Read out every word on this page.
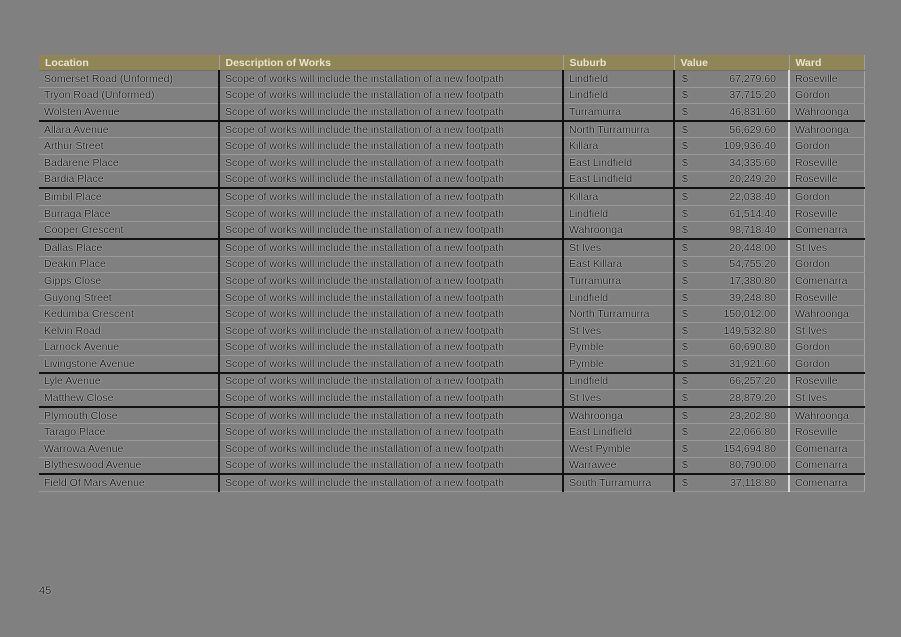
Location	Description of Works	Suburb	Value	Ward
Somerset Road (Unformed)	Scope of works will include the installation of a new footpath	Lindfield	$ 67,279.60	Roseville
Tryon Road (Unformed)	Scope of works will include the installation of a new footpath	Lindfield	$ 37,715.20	Gordon
Wolsten Avenue	Scope of works will include the installation of a new footpath	Turramurra	$ 46,831.60	Wahroonga
Allara Avenue	Scope of works will include the installation of a new footpath	North Turramurra	$ 56,629.60	Wahroonga
Arthur Street	Scope of works will include the installation of a new footpath	Killara	$ 109,936.40	Gordon
Badarene Place	Scope of works will include the installation of a new footpath	East Lindfield	$ 34,335.60	Roseville
Bardia Place	Scope of works will include the installation of a new footpath	East Lindfield	$ 20,249.20	Roseville
Bimbil Place	Scope of works will include the installation of a new footpath	Killara	$ 22,038.40	Gordon
Burraga Place	Scope of works will include the installation of a new footpath	Lindfield	$ 61,514.40	Roseville
Cooper Crescent	Scope of works will include the installation of a new footpath	Wahroonga	$ 98,718.40	Comenarra
Dallas Place	Scope of works will include the installation of a new footpath	St Ives	$ 20,448.00	St Ives
Deakin Place	Scope of works will include the installation of a new footpath	East Killara	$ 54,755.20	Gordon
Gipps Close	Scope of works will include the installation of a new footpath	Turramurra	$ 17,380.80	Comenarra
Guyong Street	Scope of works will include the installation of a new footpath	Lindfield	$ 39,248.80	Roseville
Kedumba Crescent	Scope of works will include the installation of a new footpath	North Turramurra	$ 150,012.00	Wahroonga
Kelvin Road	Scope of works will include the installation of a new footpath	St Ives	$ 149,532.80	St Ives
Larnock Avenue	Scope of works will include the installation of a new footpath	Pymble	$ 60,690.80	Gordon
Livingstone Avenue	Scope of works will include the installation of a new footpath	Pymble	$ 31,921.60	Gordon
Lyle Avenue	Scope of works will include the installation of a new footpath	Lindfield	$ 66,257.20	Roseville
Matthew Close	Scope of works will include the installation of a new footpath	St Ives	$ 28,879.20	St Ives
Plymouth Close	Scope of works will include the installation of a new footpath	Wahroonga	$ 23,202.80	Wahroonga
Tarago Place	Scope of works will include the installation of a new footpath	East Lindfield	$ 22,066.80	Roseville
Warrowa Avenue	Scope of works will include the installation of a new footpath	West Pymble	$ 154,694.80	Comenarra
Blytheswood Avenue	Scope of works will include the installation of a new footpath	Warrawee	$ 80,790.00	Comenarra
Field Of Mars Avenue	Scope of works will include the installation of a new footpath	South Turramurra	$ 37,118.80	Comenarra
45
